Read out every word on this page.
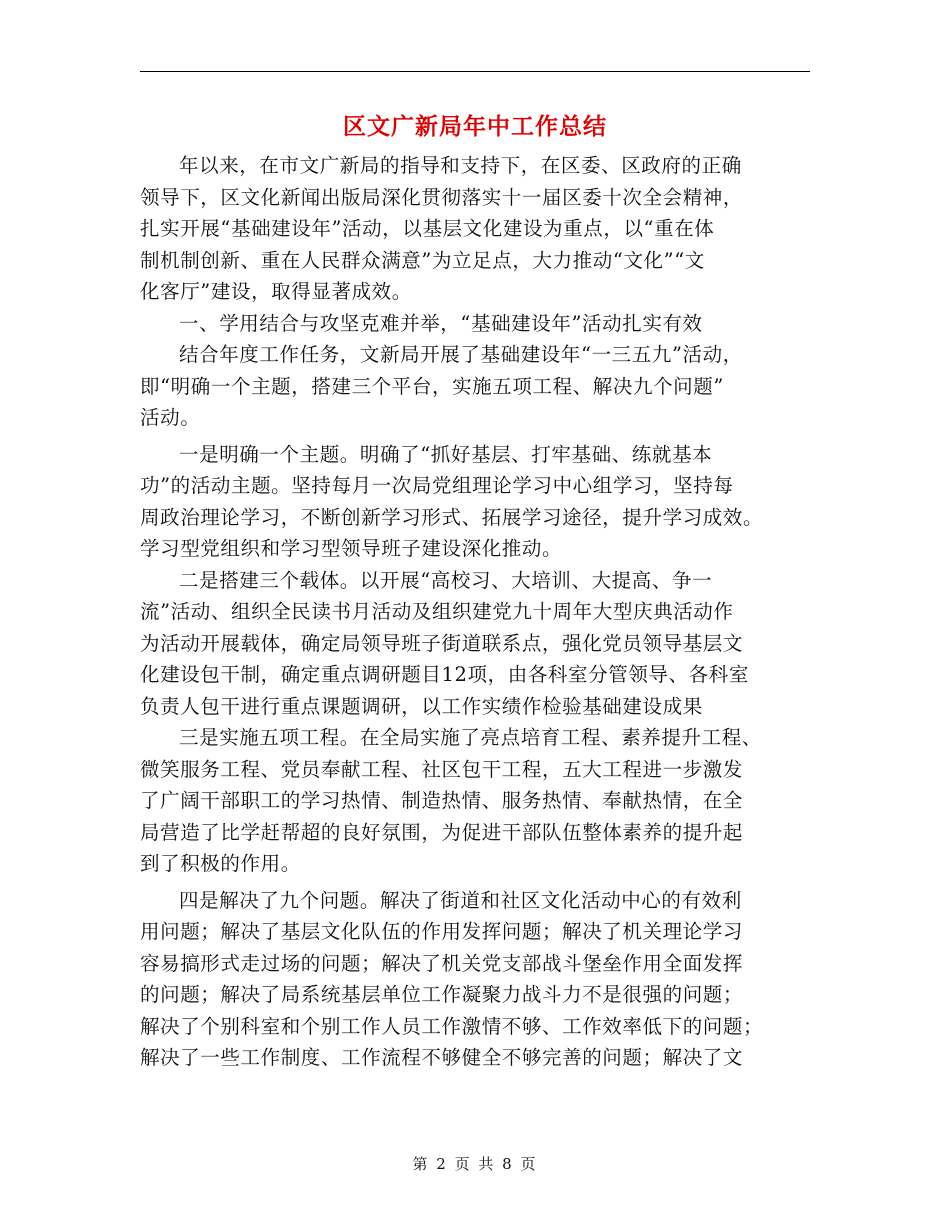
区文广新局年中工作总结
年以来，在市文广新局的指导和支持下，在区委、区政府的正确
领导下，区文化新闻出版局深化贯彻落实十一届区委十次全会精神，
扎实开展“基础建设年”活动，以基层文化建设为重点，以“重在体
制机制创新、重在人民群众满意”为立足点，大力推动“文化”“文
化客厅”建设，取得显著成效。
一、学用结合与攻坚克难并举，“基础建设年”活动扎实有效
结合年度工作任务，文新局开展了基础建设年“一三五九”活动，
即“明确一个主题，搭建三个平台，实施五项工程、解决九个问题”
活动。
一是明确一个主题。明确了“抓好基层、打牢基础、练就基本
功”的活动主题。坚持每月一次局党组理论学习中心组学习，坚持每
周政治理论学习，不断创新学习形式、拓展学习途径，提升学习成效。
学习型党组织和学习型领导班子建设深化推动。
二是搭建三个载体。以开展“高校习、大培训、大提高、争一
流”活动、组织全民读书月活动及组织建党九十周年大型庆典活动作
为活动开展载体，确定局领导班子街道联系点，强化党员领导基层文
化建设包干制，确定重点调研题目12项，由各科室分管领导、各科室
负责人包干进行重点课题调研，以工作实绩作检验基础建设成果
三是实施五项工程。在全局实施了亮点培育工程、素养提升工程、
微笑服务工程、党员奉献工程、社区包干工程，五大工程进一步激发
了广阔干部职工的学习热情、制造热情、服务热情、奉献热情，在全
局营造了比学赶帮超的良好氛围，为促进干部队伍整体素养的提升起
到了积极的作用。
四是解决了九个问题。解决了街道和社区文化活动中心的有效利
用问题；解决了基层文化队伍的作用发挥问题；解决了机关理论学习
容易搞形式走过场的问题；解决了机关党支部战斗堡垒作用全面发挥
的问题；解决了局系统基层单位工作凝聚力战斗力不是很强的问题；
解决了个别科室和个别工作人员工作激情不够、工作效率低下的问题；
解决了一些工作制度、工作流程不够健全不够完善的问题；解决了文
第 2 页 共 8 页
